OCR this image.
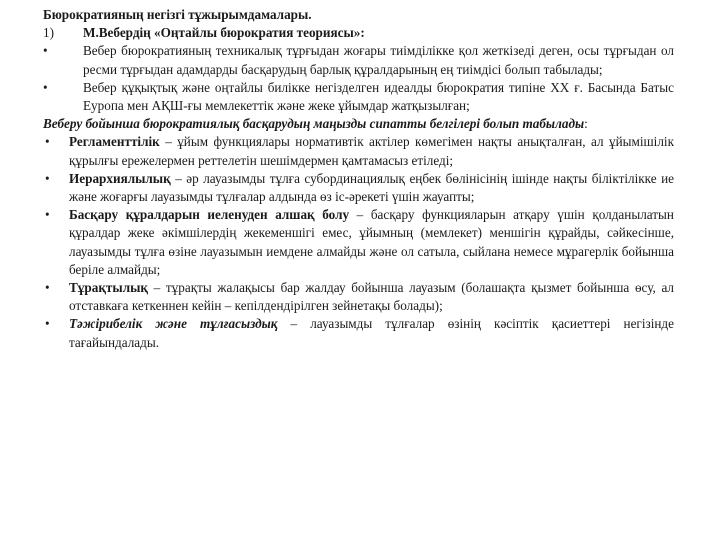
Бюрократияның негізгі тұжырымдамалары.

1) М.Вебердің «Оңтайлы бюрократия теориясы»:
•	Вебер бюрократияның техникалық тұрғыдан жоғары тиімділікке қол жеткізеді деген, осы тұрғыдан ол ресми тұрғыдан адамдарды басқарудың барлық құралдарының ең тиімдісі болып табылады;
•	Вебер құқықтық және оңтайлы билікке негізделген идеалды бюрократия типіне XX ғ. Басында Батыс Еуропа мен АҚШ-ғы мемлекеттік және жеке ұйымдар жатқызылған;
Веберу бойынша бюрократиялық басқарудың маңызды сипатты белгілері болып табылады:
• Регламенттілік – ұйым функциялары нормативтік актілер көмегімен нақты анықталған, ал ұйымішілік құрылғы ережелермен реттелетін шешімдермен қамтамасыз етіледі;
• Иерархиялылық – әр лауазымды тұлға субординациялық еңбек бөлінісінің ішінде нақты біліктілікке ие және жоғарғы лауазымды тұлғалар алдында өз іс-әрекеті үшін жауапты;
• Басқару құралдарын иеленуден алшақ болу – басқару функцияларын атқару үшін қолданылатын құралдар жеке әкімшілердің жекеменшігі емес, ұйымның (мемлекет) меншігін құрайды, сәйкесінше, лауазымды тұлға өзіне лауазымын иемдене алмайды және ол сатыла, сыйлана немесе мұрагерлік бойынша беріле алмайды;
• Тұрақтылық – тұрақты жалақысы бар жалдау бойынша лауазым (болашақта қызмет бойынша өсу, ал отставкаға кеткеннен кейін – кепілдендірілген зейнетақы болады);
• Тәжірибелік және тұлғасыздық – лауазымды тұлғалар өзінің кәсіптік қасиеттері негізінде тағайындалады.
